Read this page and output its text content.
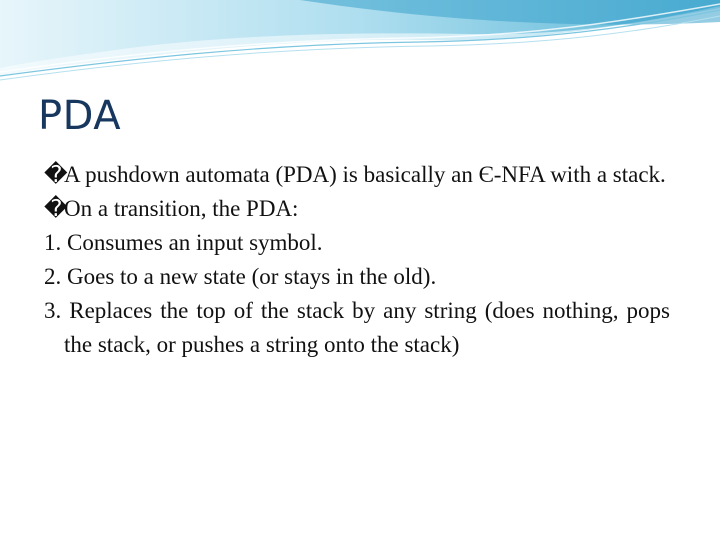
PDA

�A pushdown automata (PDA) is basically an Є-NFA with a stack.

�On a transition, the PDA:

1. Consumes an input symbol.

2. Goes to a new state (or stays in the old).

3. Replaces the top of the stack by any string (does nothing, pops the stack, or pushes a string onto the stack)
